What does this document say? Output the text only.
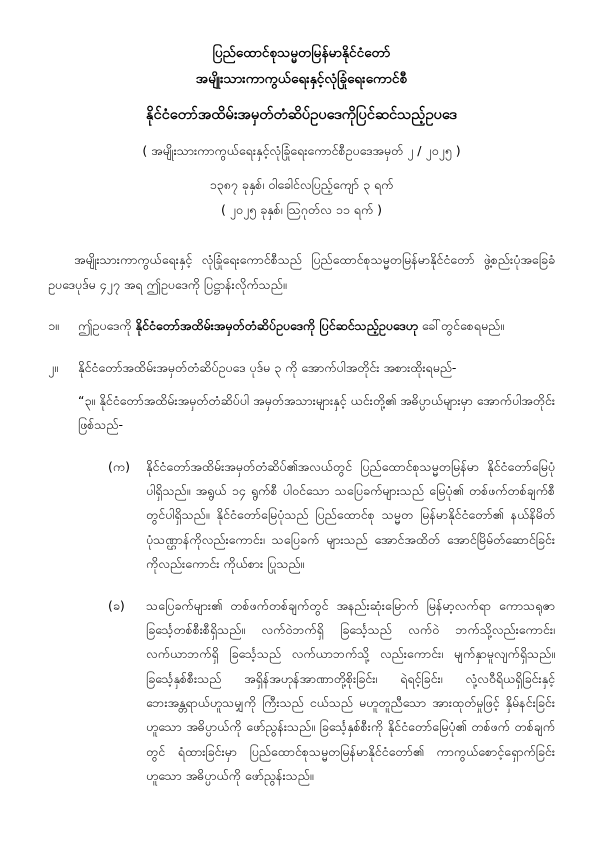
ပြည်ထောင်စုသမ္မတမြန်မာနိုင်ငံတော်
အမျိုးသားကာကွယ်ရေးနှင့်လုံခြုံရေးကောင်စီ
နိုင်ငံတော်အထိမ်းအမှတ်တံဆိပ်ဥပဒေကိုပြင်ဆင်သည့်ဥပဒေ
( အမျိုးသားကာကွယ်ရေးနှင့်လုံခြုံရေးကောင်စီဥပဒေအမှတ် ၂ / ၂၀၂၅ )
၁၃၈၇ ခုနှစ်၊ ဝါခေါင်လပြည့်ကျော် ၃ ရက်
( ၂၀၂၅ ခုနှစ်၊ သြဂုတ်လ ၁၁ ရက် )
အမျိုးသားကာကွယ်ရေးနှင့် လုံခြုံရေးကောင်စီသည် ပြည်ထောင်စုသမ္မတမြန်မာနိုင်ငံတော် ဖွဲ့စည်းပုံအခြေခံဥပဒေပုဒ်မ ၄၂၇ အရ ဤဥပဒေကို ပြဋ္ဌာန်းလိုက်သည်။
၁။	ဤဥပဒေကို နိုင်ငံတော်အထိမ်းအမှတ်တံဆိပ်ဥပဒေကို ပြင်ဆင်သည့်ဥပဒေဟု ခေါ်တွင်စေရမည်။
၂။	နိုင်ငံတော်အထိမ်းအမှတ်တံဆိပ်ဥပဒေ ပုဒ်မ ၃ ကို အောက်ပါအတိုင်း အစားထိုးရမည်-
“၃။ နိုင်ငံတော်အထိမ်းအမှတ်တံဆိပ်ပါ အမှတ်အသားများနှင့် ယင်းတို့၏ အဓိပ္ပာယ်များမှာ အောက်ပါအတိုင်းဖြစ်သည်-
(က)	နိုင်ငံတော်အထိမ်းအမှတ်တံဆိပ်၏အလယ်တွင် ပြည်ထောင်စုသမ္မတမြန်မာ နိုင်ငံတော်မြေပုံပါရှိသည်။ အရွယ် ၁၄ ရွက်စီ ပါဝင်သော သပြေခက်များသည် မြေပုံ၏ တစ်ဖက်တစ်ချက်စီတွင်ပါရှိသည်။ နိုင်ငံတော်မြေပုံသည် ပြည်ထောင်စု သမ္မတ မြန်မာနိုင်ငံတော်၏ နယ်နိမိတ်ပုံသဏ္ဌာန်ကိုလည်းကောင်း၊ သပြေခက် များသည် အောင်အထိတ် အောင်မြိမ်တ်ဆောင်ခြင်းကိုလည်းကောင်း ကိုယ်စား ပြုသည်။
(ခ)	သပြေခက်များ၏ တစ်ဖက်တစ်ချက်တွင် အနည်းဆုံးမြောက် မြန်မာ့လက်ရာ ကောသရုဇာခြင်္သေ့တစ်စီးစီရှိသည်။ လက်ဝဲဘက်ရှိ ခြင်္သေ့သည် လက်ဝဲ ဘက်သို့လည်းကောင်း၊ လက်ယာဘက်ရှိ ခြင်္သေ့သည် လက်ယာဘက်သို့ လည်းကောင်း၊ မျက်နှာမူလျက်ရှိသည်။ ခြင်္သေ့နှစ်စီးသည် အရှိန်အဟုန်အာဏာတို့စိုးခြင်း၊ ရဲရင့်ခြင်း၊ လုံ့လဝီရိယရှိခြင်းနှင့် ဘေးအန္တရာယ်ဟူသမျှကို ကြီးသည် ငယ်သည် မဟူတူညီသော အားထုတ်မှုဖြင့် နှိမ်နင်းခြင်း ဟူသော အဓိပ္ပာယ်ကို ဖော်ညွန်းသည်။ ခြင်္သေ့နှစ်စီးကို နိုင်ငံတော်မြေပုံ၏ တစ်ဖက် တစ်ချက်တွင် ရံထားခြင်းမှာ ပြည်ထောင်စုသမ္မတမြန်မာနိုင်ငံတော်၏ ကာကွယ်စောင့်ရှောက်ခြင်း ဟူသော အဓိပ္ပာယ်ကို ဖော်ညွန်းသည်။
